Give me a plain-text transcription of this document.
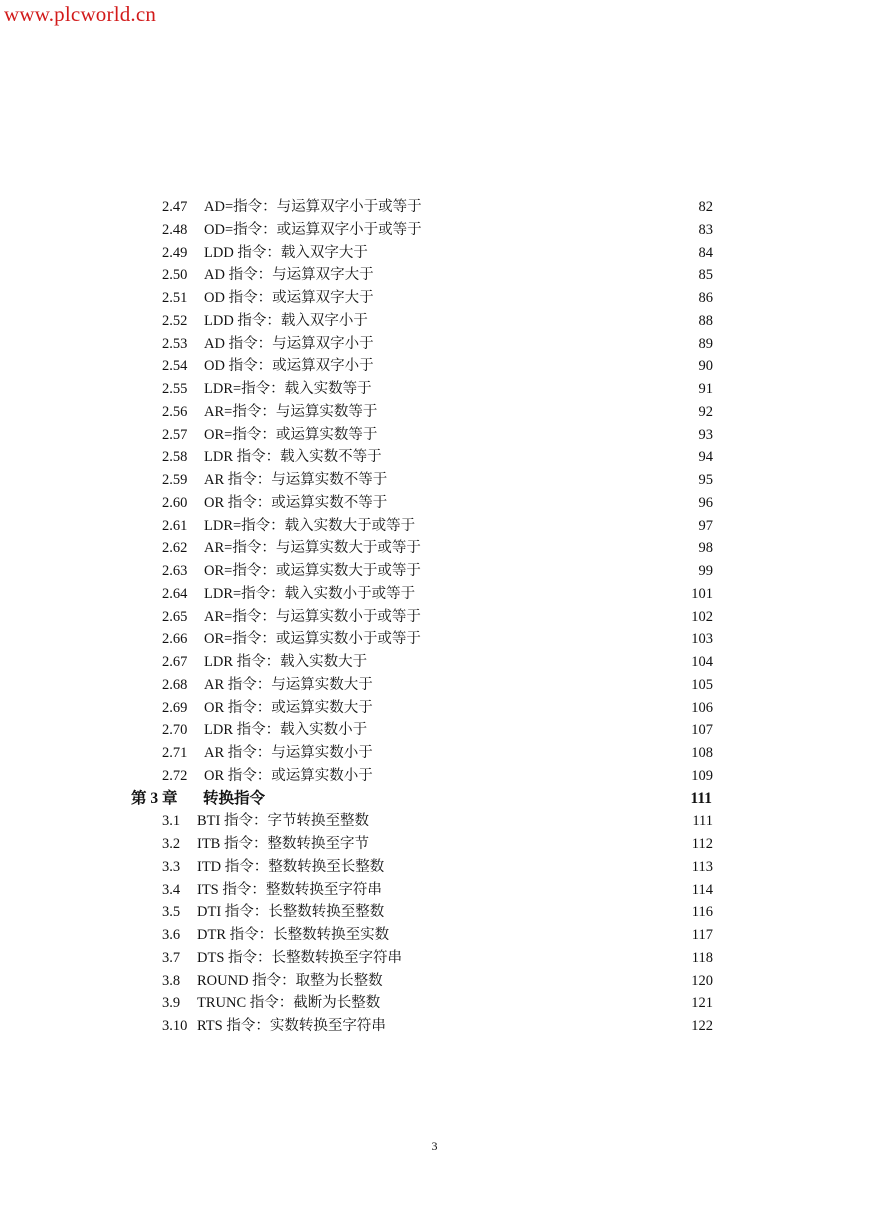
www.plcworld.cn
2.47 AD=指令：与运算双字小于或等于	82
2.48 OD=指令：或运算双字小于或等于	83
2.49 LDD 指令：载入双字大于	84
2.50 AD 指令：与运算双字大于	85
2.51 OD 指令：或运算双字大于	86
2.52 LDD 指令：载入双字小于	88
2.53 AD 指令：与运算双字小于	89
2.54 OD 指令：或运算双字小于	90
2.55 LDR=指令：载入实数等于	91
2.56 AR=指令：与运算实数等于	92
2.57 OR=指令：或运算实数等于	93
2.58 LDR 指令：载入实数不等于	94
2.59 AR 指令：与运算实数不等于	95
2.60 OR 指令：或运算实数不等于	96
2.61 LDR=指令：载入实数大于或等于	97
2.62 AR=指令：与运算实数大于或等于	98
2.63 OR=指令：或运算实数大于或等于	99
2.64 LDR=指令：载入实数小于或等于	101
2.65 AR=指令：与运算实数小于或等于	102
2.66 OR=指令：或运算实数小于或等于	103
2.67 LDR 指令：载入实数大于	104
2.68 AR 指令：与运算实数大于	105
2.69 OR 指令：或运算实数大于	106
2.70 LDR 指令：载入实数小于	107
2.71 AR 指令：与运算实数小于	108
2.72 OR 指令：或运算实数小于	109
第 3 章 转换指令	111
3.1 BTI 指令：字节转换至整数	111
3.2 ITB 指令：整数转换至字节	112
3.3 ITD 指令：整数转换至长整数	113
3.4 ITS 指令：整数转换至字符串	114
3.5 DTI 指令：长整数转换至整数	116
3.6 DTR 指令：长整数转换至实数	117
3.7 DTS 指令：长整数转换至字符串	118
3.8 ROUND 指令：取整为长整数	120
3.9 TRUNC 指令：截断为长整数	121
3.10 RTS 指令：实数转换至字符串	122
3
